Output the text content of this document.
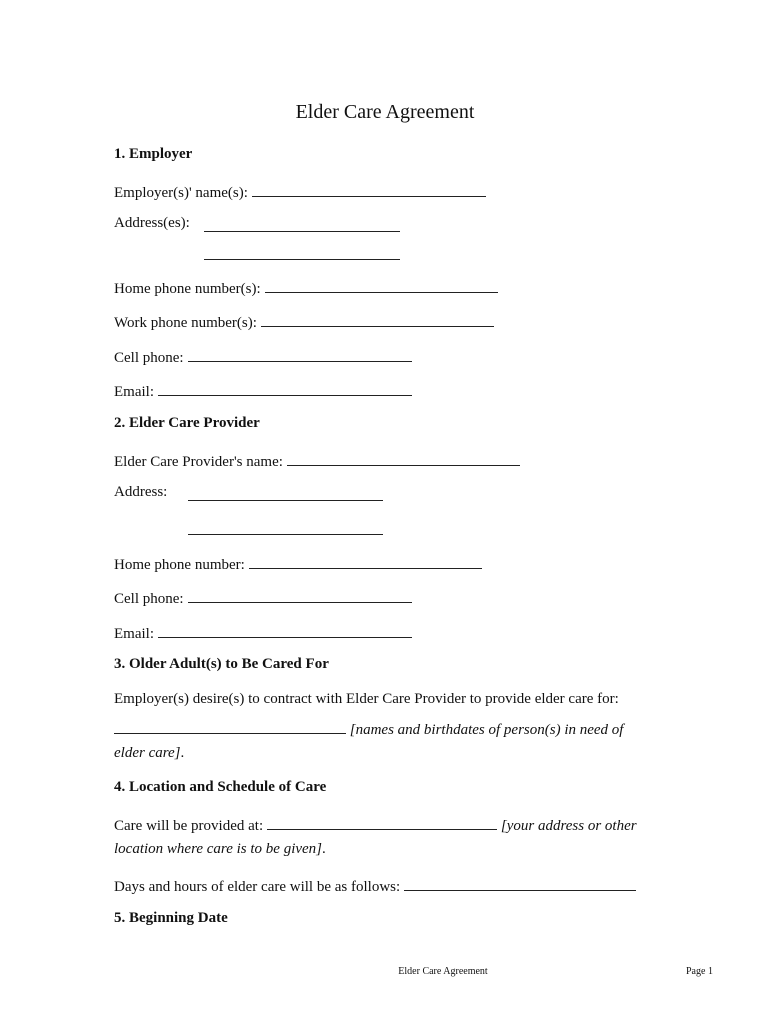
Elder Care Agreement
1. Employer
Employer(s)' name(s):
Address(es):
Home phone number(s):
Work phone number(s):
Cell phone:
Email:
2. Elder Care Provider
Elder Care Provider's name:
Address:
Home phone number:
Cell phone:
Email:
3. Older Adult(s) to Be Cared For
Employer(s) desire(s) to contract with Elder Care Provider to provide elder care for:
[names and birthdates of person(s) in need of
elder care].
4. Location and Schedule of Care
Care will be provided at:	[your address or other
location where care is to be given].
Days and hours of elder care will be as follows:
5. Beginning Date
Elder Care Agreement	Page 1
